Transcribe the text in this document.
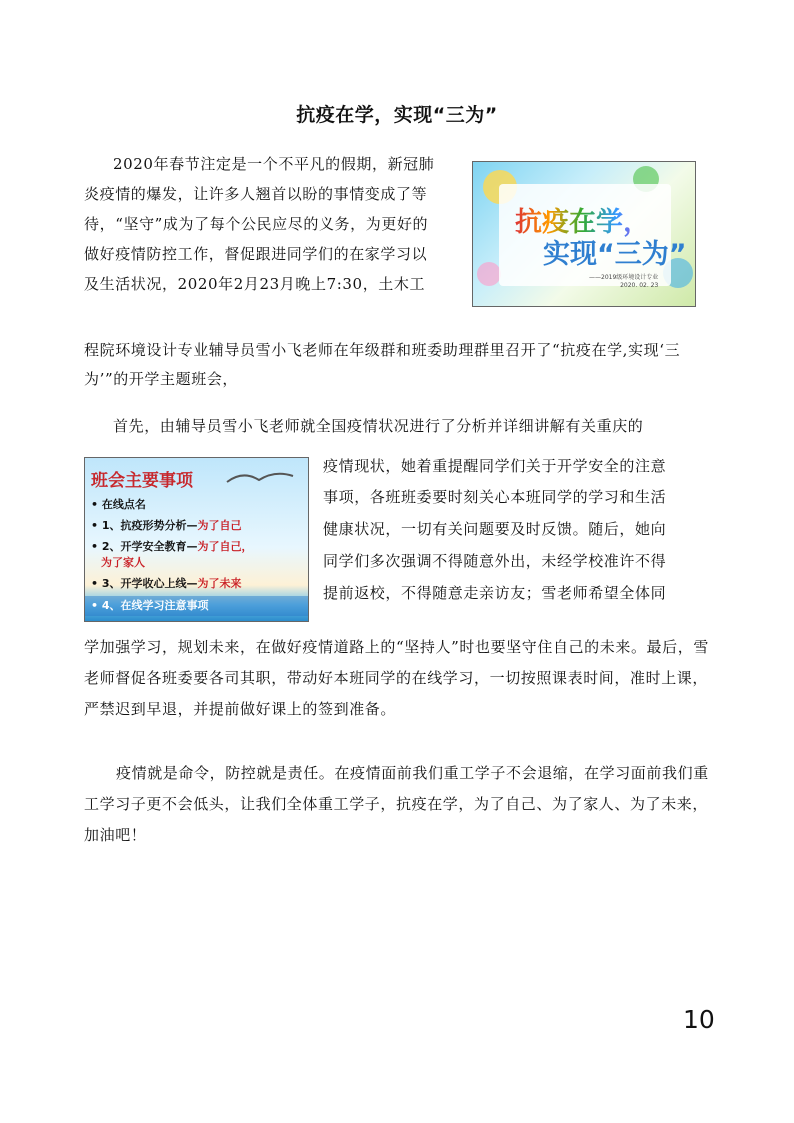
抗疫在学，实现“三为”
2020年春节注定是一个不平凡的假期，新冠肺
炎疫情的爆发，让许多人翘首以盼的事情变成了等
待，“坚守”成为了每个公民应尽的义务，为更好的
做好疫情防控工作，督促跟进同学们的在家学习以
及生活状况，2020年2月23月晚上7:30，土木工
抗疫在学，
实现“三为”
——2019级环境设计专业
2020. 02. 23
程院环境设计专业辅导员雪小飞老师在年级群和班委助理群里召开了“抗疫在学,实现‘三为’”的开学主题班会，
首先，由辅导员雪小飞老师就全国疫情状况进行了分析并详细讲解有关重庆的
班会主要事项
• 在线点名
• 1、抗疫形势分析—为了自己
• 2、开学安全教育—为了自己，
为了家人
• 3、开学收心上线—为了未来
• 4、在线学习注意事项
疫情现状，她着重提醒同学们关于开学安全的注意
事项，各班班委要时刻关心本班同学的学习和生活
健康状况，一切有关问题要及时反馈。随后，她向
同学们多次强调不得随意外出，未经学校准许不得
提前返校，不得随意走亲访友；雪老师希望全体同
学加强学习，规划未来，在做好疫情道路上的“坚持人”时也要坚守住自己的未来。最后，雪老师督促各班委要各司其职，带动好本班同学的在线学习，一切按照课表时间，准时上课，严禁迟到早退，并提前做好课上的签到准备。
疫情就是命令，防控就是责任。在疫情面前我们重工学子不会退缩，在学习面前我们重工学习子更不会低头，让我们全体重工学子，抗疫在学，为了自己、为了家人、为了未来，加油吧！
10
